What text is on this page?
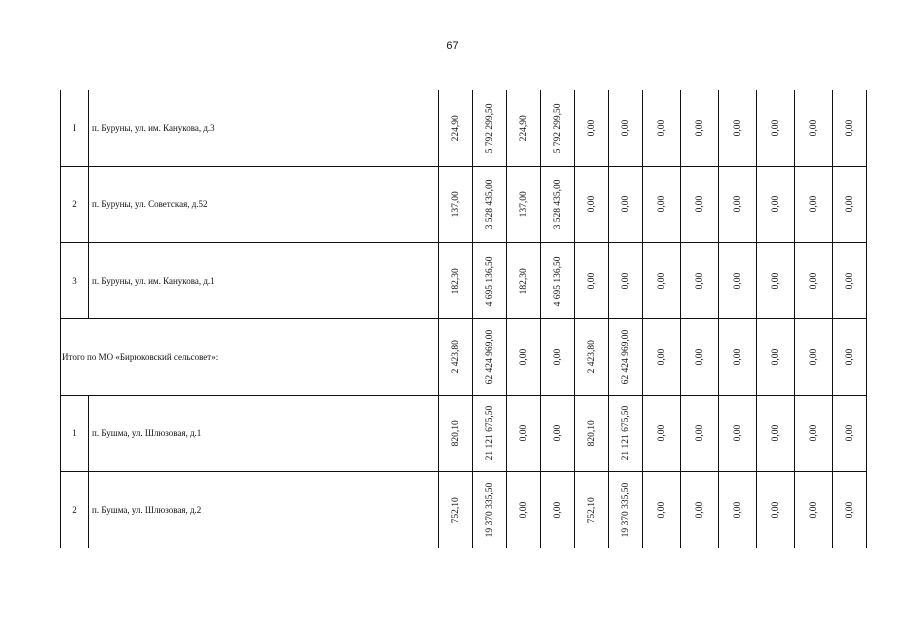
67
I	п. Буруны, ул. им. Канукова, д.3	224,90	5 792 299,50	224,90	5 792 299,50	0,00	0,00	0,00	0,00	0,00	0,00	0,00	0,00
2	п. Буруны, ул. Советская, д.52	137,00	3 528 435,00	137,00	3 528 435,00	0,00	0,00	0,00	0,00	0,00	0,00	0,00	0,00
3	п. Буруны, ул. им. Канукова, д.1	182,30	4 695 136,50	182,30	4 695 136,50	0,00	0,00	0,00	0,00	0,00	0,00	0,00	0,00
Итого по МО «Бирюковский сельсовет»:		2 423,80	62 424 969,00	0,00	0,00	2 423,80	62 424 969,00	0,00	0,00	0,00	0,00	0,00	0,00
1	п. Бушма, ул. Шлюзовая, д.1	820,10	21 121 675,50	0,00	0,00	820,10	21 121 675,50	0,00	0,00	0,00	0,00	0,00	0,00
2	п. Бушма, ул. Шлюзовая, д.2	752,10	19 370 335,50	0,00	0,00	752,10	19 370 335,50	0,00	0,00	0,00	0,00	0,00	0,00
